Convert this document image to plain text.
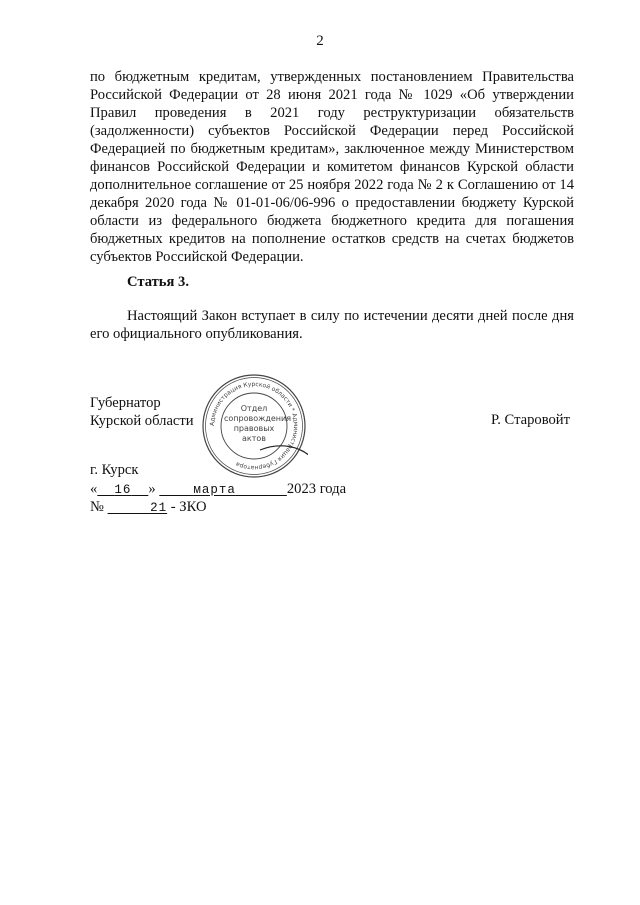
2

по бюджетным кредитам, утвержденных постановлением Правительства Российской Федерации от 28 июня 2021 года № 1029 «Об утверждении Правил проведения в 2021 году реструктуризации обязательств (задолженности) субъектов Российской Федерации перед Российской Федерацией по бюджетным кредитам», заключенное между Министерством финансов Российской Федерации и комитетом финансов Курской области дополнительное соглашение от 25 ноября 2022 года № 2 к Соглашению от 14 декабря 2020 года № 01-01-06/06-996 о предоставлении бюджету Курской области из федерального бюджета бюджетного кредита для погашения бюджетных кредитов на пополнение остатков средств на счетах бюджетов субъектов Российской Федерации.

Статья 3.
Настоящий Закон вступает в силу по истечении десяти дней после дня его официального опубликования.
Губернатор
Курской области	Р. Старовойт
Администрация Курской области * Администрация Губернатора
Отдел сопровождения правовых актов
г. Курск
« 16 »	марта	2023 года
№	21 - ЗКО
